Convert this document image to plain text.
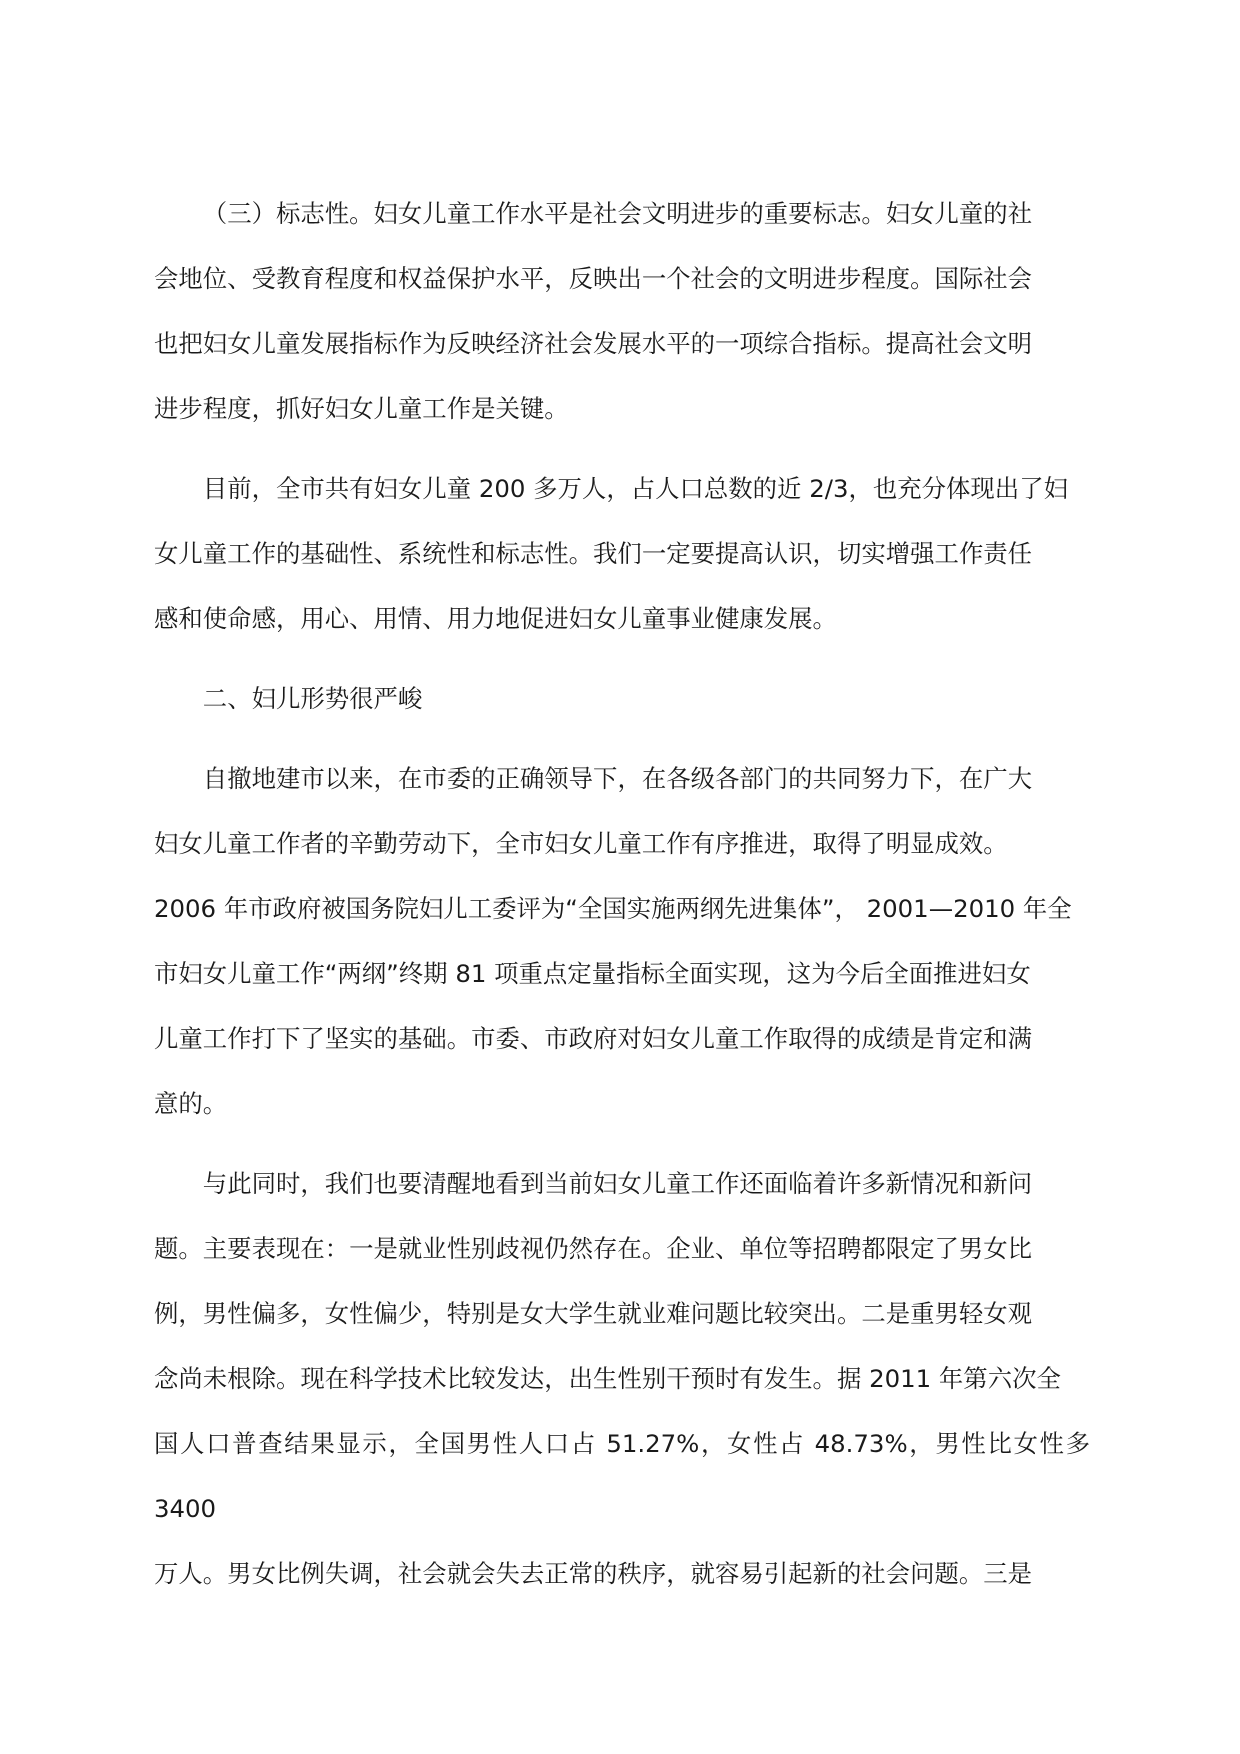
（三）标志性。妇女儿童工作水平是社会文明进步的重要标志。妇女儿童的社
会地位、受教育程度和权益保护水平，反映出一个社会的文明进步程度。国际社会
也把妇女儿童发展指标作为反映经济社会发展水平的一项综合指标。提高社会文明
进步程度，抓好妇女儿童工作是关键。

目前，全市共有妇女儿童 200 多万人，占人口总数的近 2/3，也充分体现出了妇
女儿童工作的基础性、系统性和标志性。我们一定要提高认识，切实增强工作责任
感和使命感，用心、用情、用力地促进妇女儿童事业健康发展。

二、妇儿形势很严峻

自撤地建市以来，在市委的正确领导下，在各级各部门的共同努力下，在广大
妇女儿童工作者的辛勤劳动下，全市妇女儿童工作有序推进，取得了明显成效。
2006 年市政府被国务院妇儿工委评为“全国实施两纲先进集体”， 2001—2010 年全
市妇女儿童工作“两纲”终期 81 项重点定量指标全面实现，这为今后全面推进妇女
儿童工作打下了坚实的基础。市委、市政府对妇女儿童工作取得的成绩是肯定和满
意的。

与此同时，我们也要清醒地看到当前妇女儿童工作还面临着许多新情况和新问
题。主要表现在：一是就业性别歧视仍然存在。企业、单位等招聘都限定了男女比
例，男性偏多，女性偏少，特别是女大学生就业难问题比较突出。二是重男轻女观
念尚未根除。现在科学技术比较发达，出生性别干预时有发生。据 2011 年第六次全
国人口普查结果显示，全国男性人口占 51.27%，女性占 48.73%，男性比女性多 3400
万人。男女比例失调，社会就会失去正常的秩序，就容易引起新的社会问题。三是
